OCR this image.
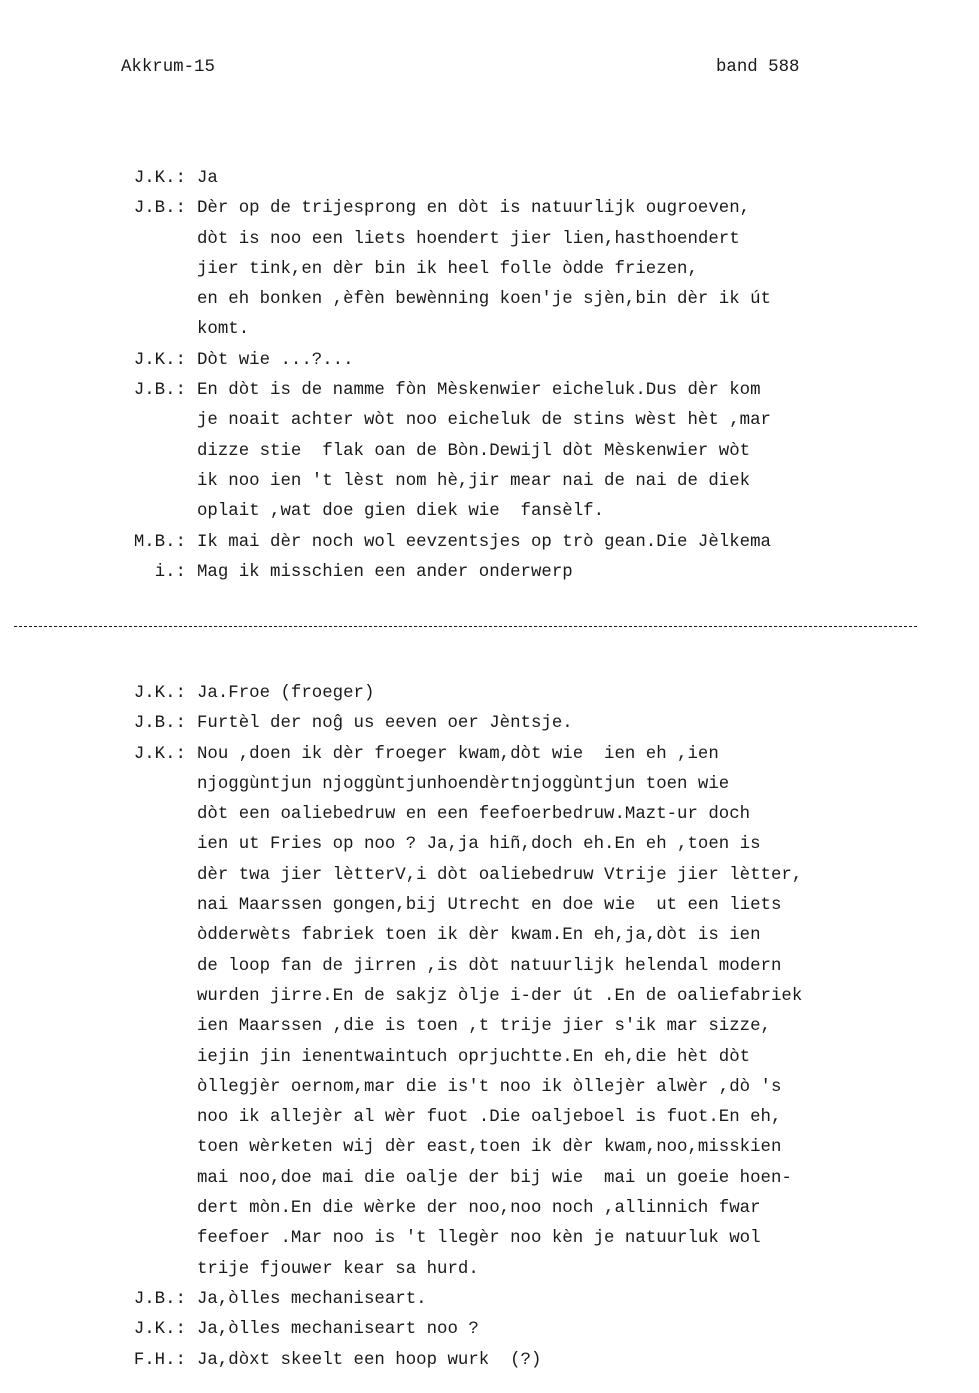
Akkrum-15	band 588
J.K.: Ja
J.B.: Dèr op de trijesprong en dòt is natuurlijk ougroeven,
dòt is noo een liets hoendert jier lien,hasthoendert
jier tink,en dèr bin ik heel folle òdde friezen,
en eh bonken ,èfèn bewènning koen'je sjèn,bin dèr ik út
komt.
J.K.: Dòt wie ...?...
J.B.: En dòt is de namme fòn Mèskenwier eicheluk.Dus dèr kom
je noait achter wòt noo eicheluk de stins wèst hèt ,mar
dizze stie  flak oan de Bòn.Dewijl dòt Mèskenwier wòt
ik noo ien 't lèst nom hè,jir mear nai de nai de diek
oplait ,wat doe gien diek wie  fansèlf.
M.B.: Ik mai dèr noch wol eevzentsjes op trò gean.Die Jèlkema
i.: Mag ik misschien een ander onderwerp
J.K.: Ja.Froe (froeger)
J.B.: Furtèl der noĝ us eeven oer Jèntsje.
J.K.: Nou ,doen ik dèr froeger kwam,dòt wie  ien eh ,ien
njoggùntjun njoggùntjunhoendèrtnjoggùntjun toen wie
dòt een oaliebedruw en een feefoerbedruw.Mazt-ur doch
ien ut Fries op noo ? Ja,ja hiñ,doch eh.En eh ,toen is
dèr twa jier lètterV,i dòt oaliebedruw Vtrije jier lètter,
nai Maarssen gongen,bij Utrecht en doe wie  ut een liets
òdderwèts fabriek toen ik dèr kwam.En eh,ja,dòt is ien
de loop fan de jirren ,is dòt natuurlijk helendal modern
wurden jirre.En de sakjz òlje i-der út .En de oaliefabriek
ien Maarssen ,die is toen ,t trije jier s'ik mar sizze,
iejin jin ienentwaintuch oprjuchtte.En eh,die hèt dòt
òllegjèr oernom,mar die is't noo ik òllejèr alwèr ,dò 's
noo ik allejèr al wèr fuot .Die oaljeboel is fuot.En eh,
toen wèrketen wij dèr east,toen ik dèr kwam,noo,misskien
mai noo,doe mai die oalje der bij wie  mai un goeie hoen-
dert mòn.En die wèrke der noo,noo noch ,allinnich fwar
feefoer .Mar noo is 't llegèr noo kèn je natuurluk wol
trije fjouwer kear sa hurd.
J.B.: Ja,òlles mechaniseart.
J.K.: Ja,òlles mechaniseart noo ?
F.H.: Ja,dòxt skeelt een hoop wurk  (?)
